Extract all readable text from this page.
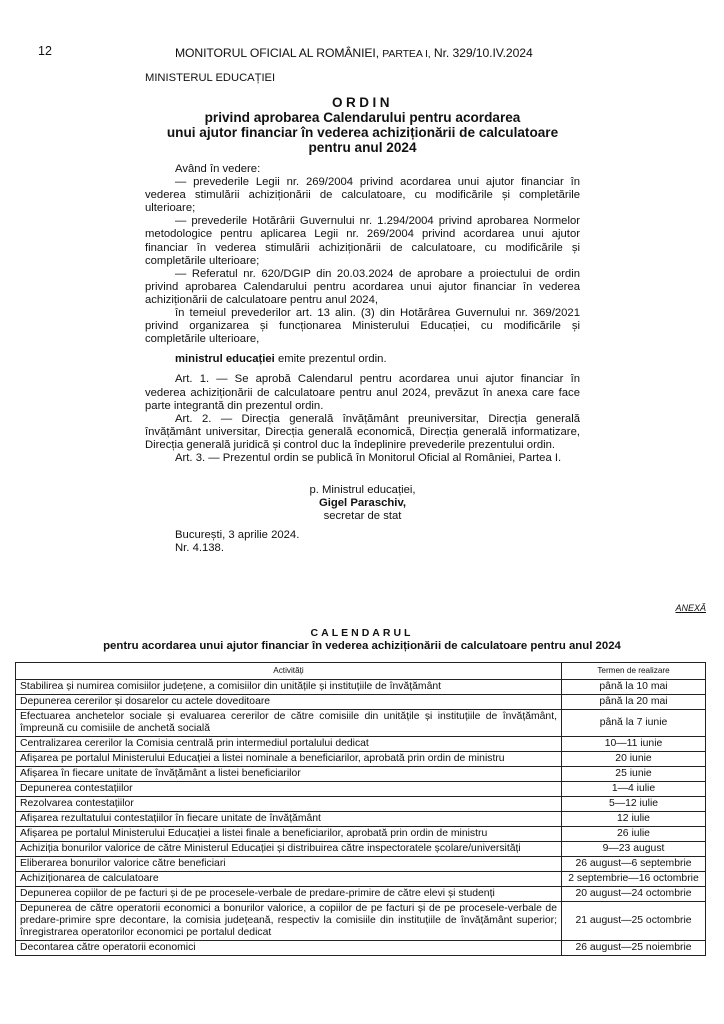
12	MONITORUL OFICIAL AL ROMÂNIEI, PARTEA I, Nr. 329/10.IV.2024
MINISTERUL EDUCAȚIEI
ORDIN
privind aprobarea Calendarului pentru acordarea
unui ajutor financiar în vederea achiziționării de calculatoare
pentru anul 2024

Având în vedere:

— prevederile Legii nr. 269/2004 privind acordarea unui ajutor financiar în vederea stimulării achiziționării de calculatoare, cu modificările și completările ulterioare;

— prevederile Hotărârii Guvernului nr. 1.294/2004 privind aprobarea Normelor metodologice pentru aplicarea Legii nr. 269/2004 privind acordarea unui ajutor financiar în vederea stimulării achiziționării de calculatoare, cu modificările și completările ulterioare;

— Referatul nr. 620/DGIP din 20.03.2024 de aprobare a proiectului de ordin privind aprobarea Calendarului pentru acordarea unui ajutor financiar în vederea achiziționării de calculatoare pentru anul 2024,

în temeiul prevederilor art. 13 alin. (3) din Hotărârea Guvernului nr. 369/2021 privind organizarea și funcționarea Ministerului Educației, cu modificările și completările ulterioare,

ministrul educației emite prezentul ordin.

Art. 1. — Se aprobă Calendarul pentru acordarea unui ajutor financiar în vederea achiziționării de calculatoare pentru anul 2024, prevăzut în anexa care face parte integrantă din prezentul ordin.

Art. 2. — Direcția generală învățământ preuniversitar, Direcția generală învățământ universitar, Direcția generală economică, Direcția generală informatizare, Direcția generală juridică și control duc la îndeplinire prevederile prezentului ordin.

Art. 3. — Prezentul ordin se publică în Monitorul Oficial al României, Partea I.

p. Ministrul educației,
Gigel Paraschiv,
secretar de stat
București, 3 aprilie 2024.
Nr. 4.138.
ANEXĂ
CALENDARUL
pentru acordarea unui ajutor financiar în vederea achiziționării de calculatoare pentru anul 2024
Activități	Termen de realizare

Stabilirea și numirea comisiilor județene, a comisiilor din unitățile și instituțiile de învățământ	până la 10 mai

Depunerea cererilor și dosarelor cu actele doveditoare	până la 20 mai

Efectuarea anchetelor sociale și evaluarea cererilor de către comisiile din unitățile și instituțiile de învățământ, împreună cu comisiile de anchetă socială	până la 7 iunie

Centralizarea cererilor la Comisia centrală prin intermediul portalului dedicat	10—11 iunie

Afișarea pe portalul Ministerului Educației a listei nominale a beneficiarilor, aprobată prin ordin de ministru	20 iunie

Afișarea în fiecare unitate de învățământ a listei beneficiarilor	25 iunie

Depunerea contestațiilor	1—4 iulie

Rezolvarea contestațiilor	5—12 iulie

Afișarea rezultatului contestațiilor în fiecare unitate de învățământ	12 iulie

Afișarea pe portalul Ministerului Educației a listei finale a beneficiarilor, aprobată prin ordin de ministru	26 iulie

Achiziția bonurilor valorice de către Ministerul Educației și distribuirea către inspectoratele școlare/universități	9—23 august

Eliberarea bonurilor valorice către beneficiari	26 august—6 septembrie

Achiziționarea de calculatoare	2 septembrie—16 octombrie

Depunerea copiilor de pe facturi și de pe procesele-verbale de predare-primire de către elevi și studenți	20 august—24 octombrie

Depunerea de către operatorii economici a bonurilor valorice, a copiilor de pe facturi și de pe procesele-verbale de predare-primire spre decontare, la comisia județeană, respectiv la comisiile din instituțiile de învățământ superior; înregistrarea operatorilor economici pe portalul dedicat	21 august—25 octombrie

Decontarea către operatorii economici	26 august—25 noiembrie
